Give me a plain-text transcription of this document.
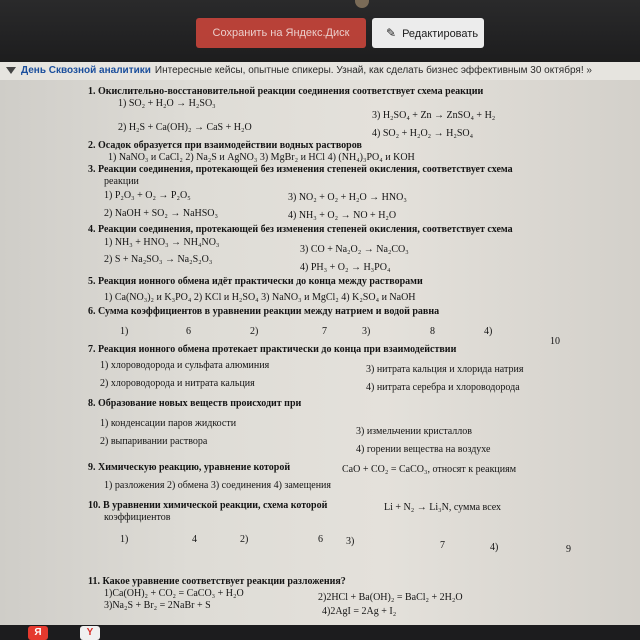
Сохранить на Яндекс.Диск	✎ Редактировать
День Сквозной аналитики Интересные кейсы, опытные спикеры. Узнай, как сделать бизнес эффективным 30 октября! »
1. Окислительно-восстановительной реакции соединения соответствует схема реакции
1) SO₂ + H₂O → H₂SO₃
3) H₂SO₄ + Zn → ZnSO₄ + H₂
2) H₂S + Ca(OH)₂ → CaS + H₂O
4) SO₂ + H₂O₂ → H₂SO₄
2. Осадок образуется при взаимодействии водных растворов
1) NaNO₃ и CaCl₂ 2) Na₂S и AgNO₃ 3) MgBr₂ и HCl 4) (NH₄)₃PO₄ и KOH
3. Реакции соединения, протекающей без изменения степеней окисления, соответствует схема
реакции
1) P₂O₃ + O₂ → P₂O₅	3) NO₂ + O₂ + H₂O → HNO₃
2) NaOH + SO₂ → NaHSO₃	4) NH₃ + O₂ → NO + H₂O
4. Реакции соединения, протекающей без изменения степеней окисления, соответствует схема
1) NH₃ + HNO₃ → NH₄NO₃
3) CO + Na₂O₂ → Na₂CO₃
2) S + Na₂SO₃ → Na₂S₂O₃
4) PH₃ + O₂ → H₃PO₄
5. Реакция ионного обмена идёт практически до конца между растворами
1) Ca(NO₃)₂ и K₃PO₄ 2) KCl и H₂SO₄ 3) NaNO₃ и MgCl₂ 4) K₂SO₄ и NaOH
6. Сумма коэффициентов в уравнении реакции между натрием и водой равна
1)	6	2)	7	3)	8	4)
10
7. Реакция ионного обмена протекает практически до конца при взаимодействии
1) хлороводорода и сульфата алюминия	3) нитрата кальция и хлорида натрия
2) хлороводорода и нитрата кальция	4) нитрата серебра и хлороводорода
8. Образование новых веществ происходит при
1) конденсации паров жидкости
3) измельчении кристаллов
2) выпаривании раствора
4) горении вещества на воздухе
9. Химическую реакцию, уравнение которой	CaO + CO₂ = CaCO₃, относят к реакциям
1) разложения 2) обмена 3) соединения 4) замещения
10. В уравнении химической реакции, схема которой	Li + N₂ → Li₃N, сумма всех
коэффициентов
1)	4	2)	6 3)	7	4)	9
11. Какое уравнение соответствует реакции разложения?
1)Ca(OH)₂ + CO₂ = CaCO₃ + H₂O	2)2HCl + Ba(OH)₂ = BaCl₂ + 2H₂O
3)Na₂S + Br₂ = 2NaBr + S
4)2AgI = 2Ag + I₂
Я	Y
